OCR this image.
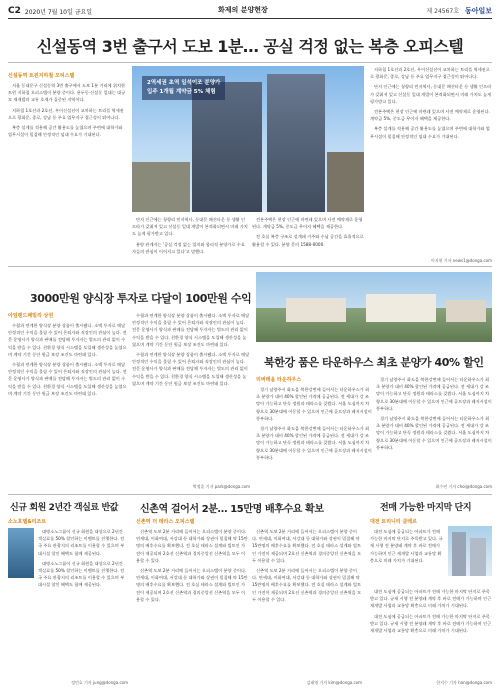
C2 2020년 7월 10일 금요일	화제의 분양현장	제 24567호 동아일보
신설동역 3번 출구서 도보 1분… 공실 걱정 없는 복층 오피스텔
신설동역 트윈지하철 오피스텔

서울 동대문구 신설동역 3번 출구에서 도보 1분 거리에 위치한 트윈 지하철 오피스텔이 분양 중이다. 용두동·신설동 일대는 대규모 재개발과 교통 호재가 집중된 지역이다.

지하철 1호선과 2호선, 우이신설선이 교차하는 트리플 역세권으로 광화문, 종로, 강남 등 주요 업무지구 접근성이 뛰어나다.

복층 설계를 적용해 공간 활용도를 높였으며 주변에 대학가와 업무시설이 밀집해 안정적인 임대 수요가 기대된다.

2역세권 초역 일석이조 분양가
입주 1개월 계약금 5% 체험

단지 인근에는 청량리 민자역사, 동대문 패션타운 등 생활 인프라가 갖춰져 있고 신설동 일대 개발이 본격화되면서 미래 가치도 높게 평가받고 있다.

분양 관계자는 '공실 걱정 없는 입지와 합리적 분양가로 수요자들의 관심이 이어지고 있다'고 말했다.

견본주택은 현장 인근에 마련돼 있으며 사전 예약제로 운영된다. 계약금 5%, 중도금 무이자 혜택을 제공한다.

전 호실 복층 구조로 설계돼 거주와 수납 공간을 효율적으로 활용할 수 있다. 분양 문의 1588-0000.

지하철 1호선과 2호선, 우이신설선이 교차하는 트리플 역세권으로 광화문, 종로, 강남 등 주요 업무지구 접근성이 뛰어나다.

단지 인근에는 청량리 민자역사, 동대문 패션타운 등 생활 인프라가 갖춰져 있고 신설동 일대 개발이 본격화되면서 미래 가치도 높게 평가받고 있다.

견본주택은 현장 인근에 마련돼 있으며 사전 예약제로 운영된다. 계약금 5%, 중도금 무이자 혜택을 제공한다.

복층 설계를 적용해 공간 활용도를 높였으며 주변에 대학가와 업무시설이 밀집해 안정적인 임대 수요가 기대된다.

이지현 기자 news1@donga.com
3000만원 양식장 투자로 다달이 100만원 수익
아일랜드패밀리 상권

수협과 연계한 양식장 분양 상품이 출시됐다. 소액 투자로 매달 안정적인 수익을 올릴 수 있어 은퇴자와 직장인의 관심이 높다. 전문 운영사가 양식과 판매를 전담해 투자자는 별도의 관리 없이 수익을 받을 수 있다. 친환경 양식 시스템을 도입해 생산성을 높였으며 계약 기간 동안 원금 보장 조건도 마련돼 있다.

수협과 연계한 양식장 분양 상품이 출시됐다. 소액 투자로 매달 안정적인 수익을 올릴 수 있어 은퇴자와 직장인의 관심이 높다. 전문 운영사가 양식과 판매를 전담해 투자자는 별도의 관리 없이 수익을 받을 수 있다. 친환경 양식 시스템을 도입해 생산성을 높였으며 계약 기간 동안 원금 보장 조건도 마련돼 있다.

수협과 연계한 양식장 분양 상품이 출시됐다. 소액 투자로 매달 안정적인 수익을 올릴 수 있어 은퇴자와 직장인의 관심이 높다. 전문 운영사가 양식과 판매를 전담해 투자자는 별도의 관리 없이 수익을 받을 수 있다. 친환경 양식 시스템을 도입해 생산성을 높였으며 계약 기간 동안 원금 보장 조건도 마련돼 있다.

수협과 연계한 양식장 분양 상품이 출시됐다. 소액 투자로 매달 안정적인 수익을 올릴 수 있어 은퇴자와 직장인의 관심이 높다. 전문 운영사가 양식과 판매를 전담해 투자자는 별도의 관리 없이 수익을 받을 수 있다. 친환경 양식 시스템을 도입해 생산성을 높였으며 계약 기간 동안 원금 보장 조건도 마련돼 있다.

박정훈 기자 park@donga.com
북한강 품은 타운하우스 최초 분양가 40% 할인
리버레움 타운하우스

경기 남양주시 화도읍 북한강변에 들어서는 타운하우스가 최초 분양가 대비 40% 할인된 가격에 공급된다. 전 세대가 강 조망이 가능하고 단독 정원과 테라스를 갖췄다. 서울 도심까지 차량으로 30분대에 이동할 수 있으며 인근에 골프장과 레저시설이 풍부하다.

경기 남양주시 화도읍 북한강변에 들어서는 타운하우스가 최초 분양가 대비 40% 할인된 가격에 공급된다. 전 세대가 강 조망이 가능하고 단독 정원과 테라스를 갖췄다. 서울 도심까지 차량으로 30분대에 이동할 수 있으며 인근에 골프장과 레저시설이 풍부하다.

경기 남양주시 화도읍 북한강변에 들어서는 타운하우스가 최초 분양가 대비 40% 할인된 가격에 공급된다. 전 세대가 강 조망이 가능하고 단독 정원과 테라스를 갖췄다. 서울 도심까지 차량으로 30분대에 이동할 수 있으며 인근에 골프장과 레저시설이 풍부하다.

경기 남양주시 화도읍 북한강변에 들어서는 타운하우스가 최초 분양가 대비 40% 할인된 가격에 공급된다. 전 세대가 강 조망이 가능하고 단독 정원과 테라스를 갖췄다. 서울 도심까지 차량으로 30분대에 이동할 수 있으며 인근에 골프장과 레저시설이 풍부하다.

최수연 기자 choi@donga.com
신규 회원 2년간 객실료 반값
소노호텔&리조트

대명소노그룹이 신규 회원을 대상으로 2년간 객실료를 50% 할인하는 이벤트를 진행한다. 전국 주요 관광지의 리조트를 이용할 수 있으며 부대시설 할인 혜택도 함께 제공된다.

대명소노그룹이 신규 회원을 대상으로 2년간 객실료를 50% 할인하는 이벤트를 진행한다. 전국 주요 관광지의 리조트를 이용할 수 있으며 부대시설 할인 혜택도 함께 제공된다.

정민호 기자 jung@donga.com
신촌역 걸어서 2분… 15만명 배후수요 확보
신촌역 더 테라스 오피스텔

신촌역 도보 2분 거리에 들어서는 오피스텔이 분양 중이다. 연세대, 이화여대, 서강대 등 대학가와 상권이 밀집해 약 15만명의 배후수요를 확보했다. 전 호실 테라스 설계와 빌트인 가전이 제공되며 2호선 신촌역과 경의중앙선 신촌역을 모두 이용할 수 있다.

신촌역 도보 2분 거리에 들어서는 오피스텔이 분양 중이다. 연세대, 이화여대, 서강대 등 대학가와 상권이 밀집해 약 15만명의 배후수요를 확보했다. 전 호실 테라스 설계와 빌트인 가전이 제공되며 2호선 신촌역과 경의중앙선 신촌역을 모두 이용할 수 있다.

신촌역 도보 2분 거리에 들어서는 오피스텔이 분양 중이다. 연세대, 이화여대, 서강대 등 대학가와 상권이 밀집해 약 15만명의 배후수요를 확보했다. 전 호실 테라스 설계와 빌트인 가전이 제공되며 2호선 신촌역과 경의중앙선 신촌역을 모두 이용할 수 있다.

신촌역 도보 2분 거리에 들어서는 오피스텔이 분양 중이다. 연세대, 이화여대, 서강대 등 대학가와 상권이 밀집해 약 15만명의 배후수요를 확보했다. 전 호실 테라스 설계와 빌트인 가전이 제공되며 2호선 신촌역과 경의중앙선 신촌역을 모두 이용할 수 있다.

김태영 기자 kim@donga.com
전매 가능한 마지막 단지
대전 트리니티 클레르

대전 도심에 공급되는 아파트가 전매 가능한 마지막 단지로 주목받고 있다. 규제 시행 전 분양돼 계약 후 바로 전매가 가능하며 인근 재개발 사업과 교통망 확충으로 미래 가치가 기대된다.

대전 도심에 공급되는 아파트가 전매 가능한 마지막 단지로 주목받고 있다. 규제 시행 전 분양돼 계약 후 바로 전매가 가능하며 인근 재개발 사업과 교통망 확충으로 미래 가치가 기대된다.

대전 도심에 공급되는 아파트가 전매 가능한 마지막 단지로 주목받고 있다. 규제 시행 전 분양돼 계약 후 바로 전매가 가능하며 인근 재개발 사업과 교통망 확충으로 미래 가치가 기대된다.

한지수 기자 han@donga.com
